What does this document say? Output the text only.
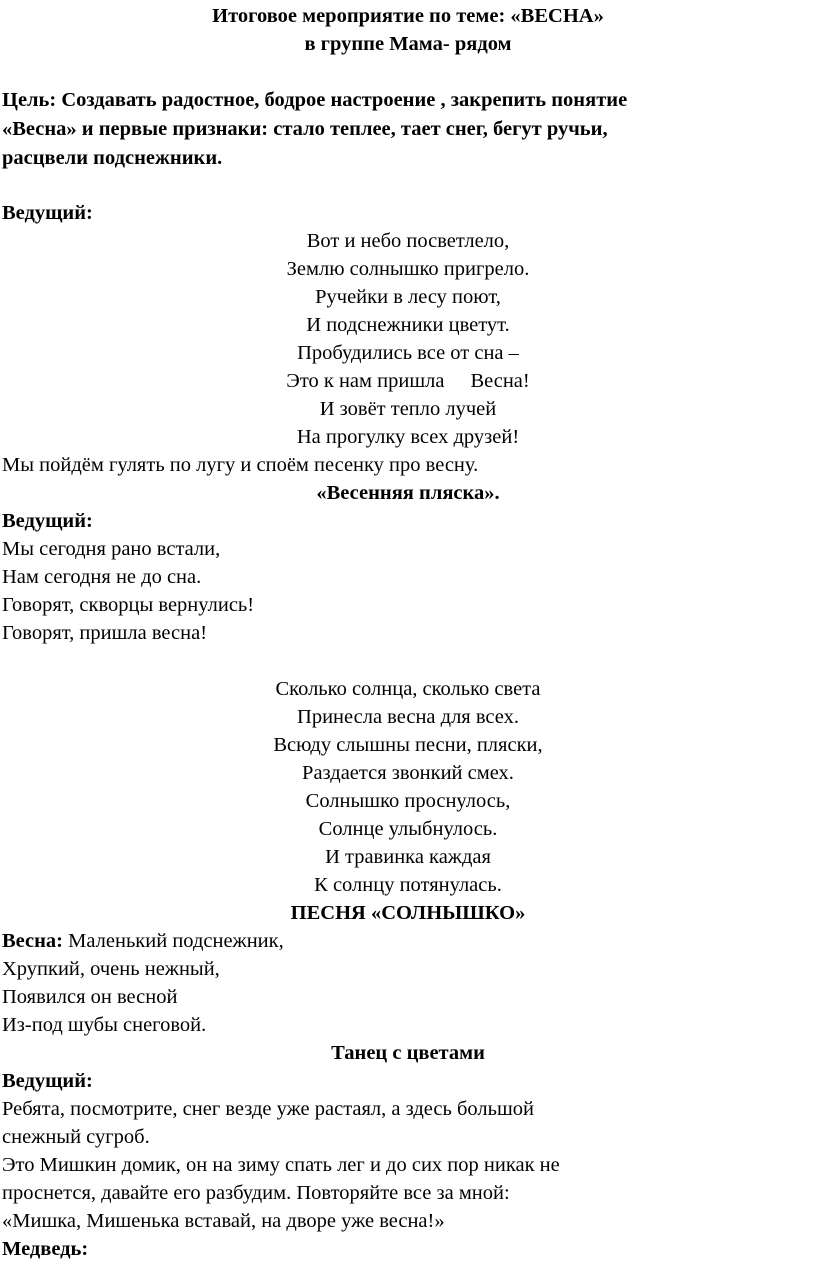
Итоговое мероприятие по теме: «ВЕСНА»
в группе Мама- рядом
Цель: Создавать радостное, бодрое настроение , закрепить понятие
«Весна» и первые признаки: стало теплее, тает снег, бегут ручьи,
расцвели подснежники.
Ведущий:
Вот и небо посветлело,
Землю солнышко пригрело.
Ручейки в лесу поют,
И подснежники цветут.
Пробудились все от сна –
Это к нам пришла Весна!
И зовёт тепло лучей
На прогулку всех друзей!
Мы пойдём гулять по лугу и споём песенку про весну.
«Весенняя пляска».
Ведущий:
Мы сегодня рано встали,
Нам сегодня не до сна.
Говорят, скворцы вернулись!
Говорят, пришла весна!
Сколько солнца, сколько света
Принесла весна для всех.
Всюду слышны песни, пляски,
Раздается звонкий смех.
Солнышко проснулось,
Солнце улыбнулось.
И травинка каждая
К солнцу потянулась.
ПЕСНЯ «СОЛНЫШКО»
Весна: Маленький подснежник,
Хрупкий, очень нежный,
Появился он весной
Из-под шубы снеговой.
Танец с цветами
Ведущий:
Ребята, посмотрите, снег везде уже растаял, а здесь большой
снежный сугроб.
Это Мишкин домик, он на зиму спать лег и до сих пор никак не
проснется, давайте его разбудим. Повторяйте все за мной:
«Мишка, Мишенька вставай, на дворе уже весна!»
Медведь:
